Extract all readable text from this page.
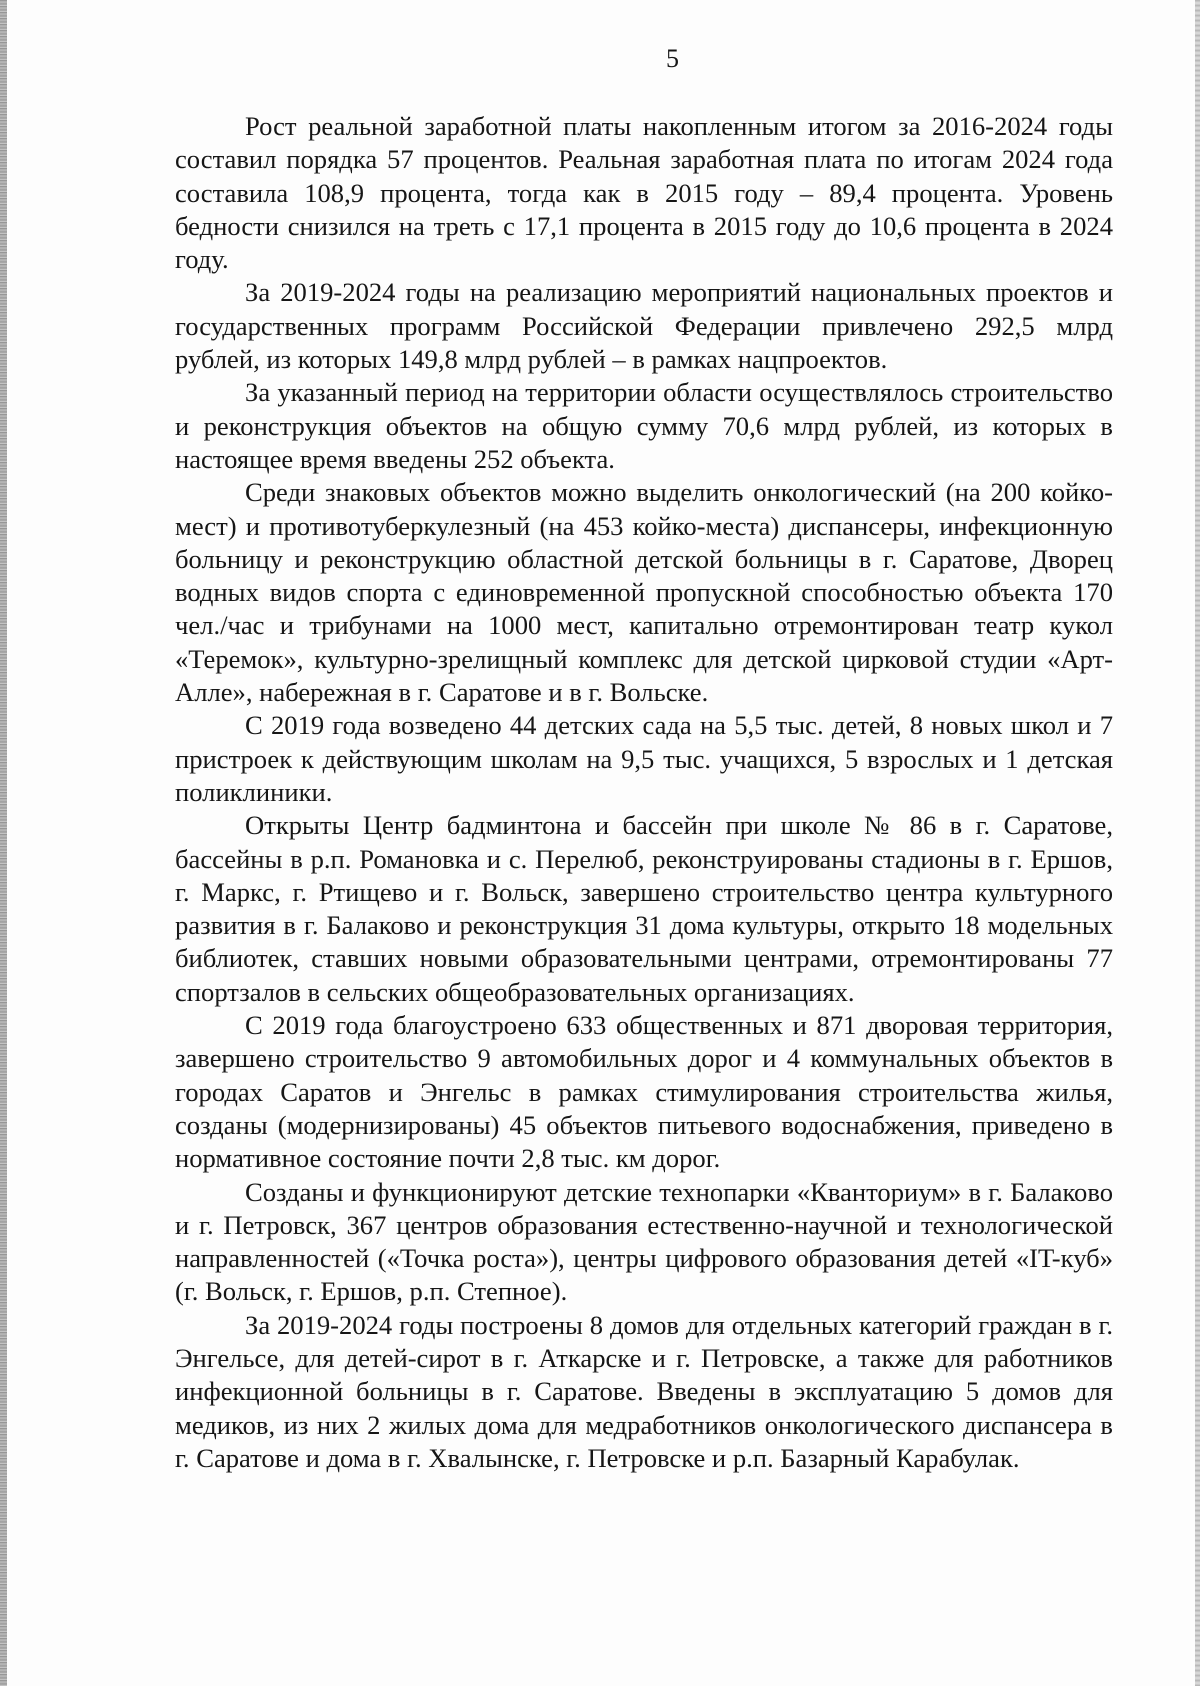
5

Рост реальной заработной платы накопленным итогом за 2016-2024 годы составил порядка 57 процентов. Реальная заработная плата по итогам 2024 года составила 108,9 процента, тогда как в 2015 году – 89,4 процента. Уровень бедности снизился на треть с 17,1 процента в 2015 году до 10,6 процента в 2024 году.

За 2019-2024 годы на реализацию мероприятий национальных проектов и государственных программ Российской Федерации привлечено 292,5 млрд рублей, из которых 149,8 млрд рублей – в рамках нацпроектов.

За указанный период на территории области осуществлялось строительство и реконструкция объектов на общую сумму 70,6 млрд рублей, из которых в настоящее время введены 252 объекта.

Среди знаковых объектов можно выделить онкологический (на 200 койко-мест) и противотуберкулезный (на 453 койко-места) диспансеры, инфекционную больницу и реконструкцию областной детской больницы в г. Саратове, Дворец водных видов спорта с единовременной пропускной способностью объекта 170 чел./час и трибунами на 1000 мест, капитально отремонтирован театр кукол «Теремок», культурно-зрелищный комплекс для детской цирковой студии «Арт-Алле», набережная в г. Саратове и в г. Вольске.

С 2019 года возведено 44 детских сада на 5,5 тыс. детей, 8 новых школ и 7 пристроек к действующим школам на 9,5 тыс. учащихся, 5 взрослых и 1 детская поликлиники.

Открыты Центр бадминтона и бассейн при школе № 86 в г. Саратове, бассейны в р.п. Романовка и с. Перелюб, реконструированы стадионы в г. Ершов, г. Маркс, г. Ртищево и г. Вольск, завершено строительство центра культурного развития в г. Балаково и реконструкция 31 дома культуры, открыто 18 модельных библиотек, ставших новыми образовательными центрами, отремонтированы 77 спортзалов в сельских общеобразовательных организациях.

С 2019 года благоустроено 633 общественных и 871 дворовая территория, завершено строительство 9 автомобильных дорог и 4 коммунальных объектов в городах Саратов и Энгельс в рамках стимулирования строительства жилья, созданы (модернизированы) 45 объектов питьевого водоснабжения, приведено в нормативное состояние почти 2,8 тыс. км дорог.

Созданы и функционируют детские технопарки «Кванториум» в г. Балаково и г. Петровск, 367 центров образования естественно-научной и технологической направленностей («Точка роста»), центры цифрового образования детей «IT-куб» (г. Вольск, г. Ершов, р.п. Степное).

За 2019-2024 годы построены 8 домов для отдельных категорий граждан в г. Энгельсе, для детей-сирот в г. Аткарске и г. Петровске, а также для работников инфекционной больницы в г. Саратове. Введены в эксплуатацию 5 домов для медиков, из них 2 жилых дома для медработников онкологического диспансера в г. Саратове и дома в г. Хвалынске, г. Петровске и р.п. Базарный Карабулак.
